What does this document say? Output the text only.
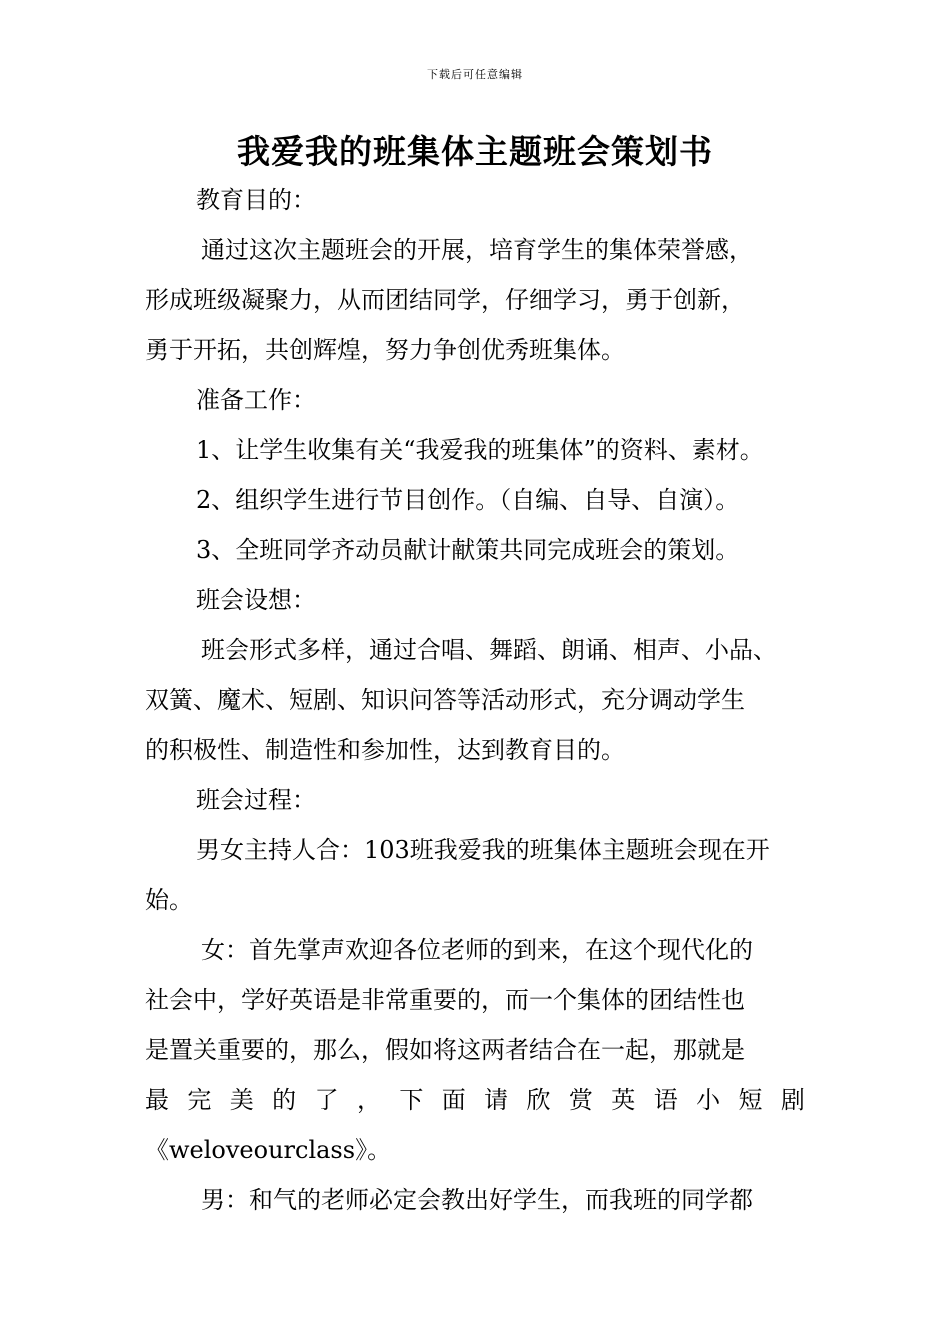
下载后可任意编辑
我爱我的班集体主题班会策划书
教育目的：
通过这次主题班会的开展，培育学生的集体荣誉感，
形成班级凝聚力，从而团结同学，仔细学习，勇于创新，
勇于开拓，共创辉煌，努力争创优秀班集体。
准备工作：
1、让学生收集有关“我爱我的班集体”的资料、素材。
2、组织学生进行节目创作。（自编、自导、自演）。
3、全班同学齐动员献计献策共同完成班会的策划。
班会设想：
班会形式多样，通过合唱、舞蹈、朗诵、相声、小品、
双簧、魔术、短剧、知识问答等活动形式，充分调动学生
的积极性、制造性和参加性，达到教育目的。
班会过程：
男女主持人合：103班我爱我的班集体主题班会现在开
始。
女：首先掌声欢迎各位老师的到来，在这个现代化的
社会中，学好英语是非常重要的，而一个集体的团结性也
是置关重要的，那么，假如将这两者结合在一起，那就是
最 完 美 的 了 ， 下 面 请 欣 赏 英 语 小 短 剧
《weloveourclass》。
男：和气的老师必定会教出好学生，而我班的同学都
